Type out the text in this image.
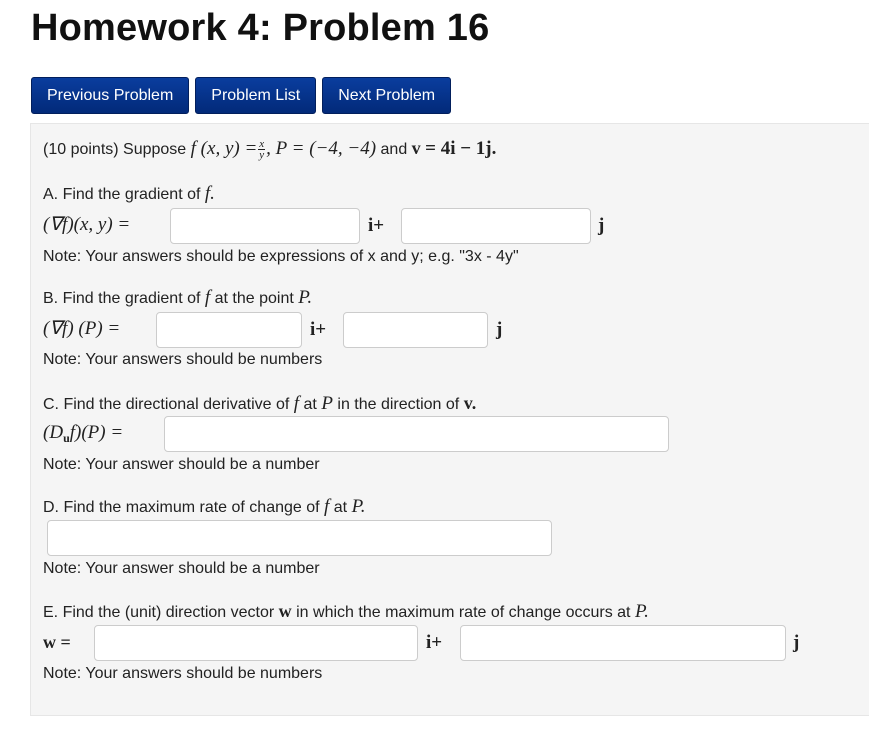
Homework 4: Problem 16
Previous Problem	Problem List	Next Problem
(10 points) Suppose f (x, $y) = \frac{x}{y}$ , P = (−4, −4) and v = 4i − 1j.
A. Find the gradient of f.
(∇f)(x, y) =	i+	j
Note: Your answers should be expressions of x and y; e.g. "3x - 4y"
B. Find the gradient of f at the point P.
(∇f) (P) =	i+	j
Note: Your answers should be numbers
C. Find the directional derivative of f at P in the direction of v.
$(D_uf)(P)$ =
Note: Your answer should be a number
D. Find the maximum rate of change of f at P.
Note: Your answer should be a number
E. Find the (unit) direction vector w in which the maximum rate of change occurs at P.
w =	i+	j
Note: Your answers should be numbers
